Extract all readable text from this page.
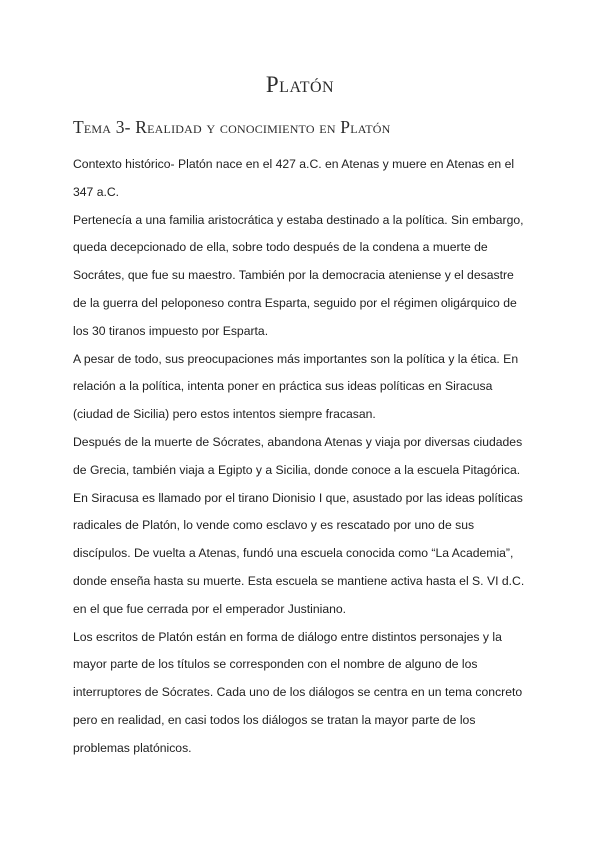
Platón
Tema 3- Realidad y conocimiento en Platón
Contexto histórico- Platón nace en el 427 a.C. en Atenas y muere en Atenas en el
347 a.C.
Pertenecía a una familia aristocrática y estaba destinado a la política. Sin embargo,
queda decepcionado de ella, sobre todo después de la condena a muerte de
Socrátes, que fue su maestro. También por la democracia ateniense y el desastre
de la guerra del peloponeso contra Esparta, seguido por el régimen oligárquico de
los 30 tiranos impuesto por Esparta.
A pesar de todo, sus preocupaciones más importantes son la política y la ética. En
relación a la política, intenta poner en práctica sus ideas políticas en Siracusa
(ciudad de Sicilia) pero estos intentos siempre fracasan.
Después de la muerte de Sócrates, abandona Atenas y viaja por diversas ciudades
de Grecia, también viaja a Egipto y a Sicilia, donde conoce a la escuela Pitagórica.
En Siracusa es llamado por el tirano Dionisio I que, asustado por las ideas políticas
radicales de Platón, lo vende como esclavo y es rescatado por uno de sus
discípulos. De vuelta a Atenas, fundó una escuela conocida como “La Academia”,
donde enseña hasta su muerte. Esta escuela se mantiene activa hasta el S. VI d.C.
en el que fue cerrada por el emperador Justiniano.
Los escritos de Platón están en forma de diálogo entre distintos personajes y la
mayor parte de los títulos se corresponden con el nombre de alguno de los
interruptores de Sócrates. Cada uno de los diálogos se centra en un tema concreto
pero en realidad, en casi todos los diálogos se tratan la mayor parte de los
problemas platónicos.
